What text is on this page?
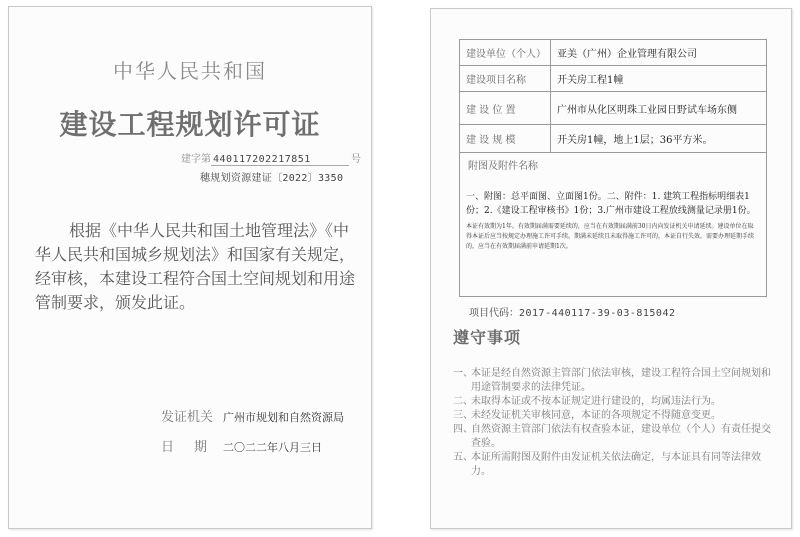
中华人民共和国
建设工程规划许可证
建字第 440117202217851	号
穗规划资源建证〔2022〕3350
根据《中华人民共和国土地管理法》《中华人民共和国城乡规划法》和国家有关规定，经审核，本建设工程符合国土空间规划和用途管制要求，颁发此证。
发证机关 广州市规划和自然资源局
日期二〇二二年八月三日
建设单位（个人）	亚美（广州）企业管理有限公司
建设项目名称	开关房工程1幢
建 设 位 置	广州市从化区明珠工业园日野试车场东侧
建 设 规 模	开关房1幢，地上1层；36平方米。

附图及附件名称
一、附图：总平面图、立面图1份。二、附件：1. 建筑工程指标明细表1份；2.《建设工程审核书》1份；3.广州市建设工程放线测量记录册1份。
本证有效期为1年。有效期届满需要延续的，应当在有效期届满前30日内向发证机关申请延续。建设单位在取得本证后应当按规定办理施工许可手续。期满未延续且未取得施工许可的，本证自行失效。需要办理延期手续的，应当在有效期届满前申请延期1次。	
项目代码：2017-440117-39-03-815042
遵守事项
一、
本证是经自然资源主管部门依法审核，建设工程符合国土空间规划和用途管制要求的法律凭证。
二、
未取得本证或不按本证规定进行建设的，均属违法行为。
三、
未经发证机关审核同意，本证的各项规定不得随意变更。
四、
自然资源主管部门依法有权查验本证，建设单位（个人）有责任提交查验。
五、
本证所需附图及附件由发证机关依法确定，与本证具有同等法律效力。
